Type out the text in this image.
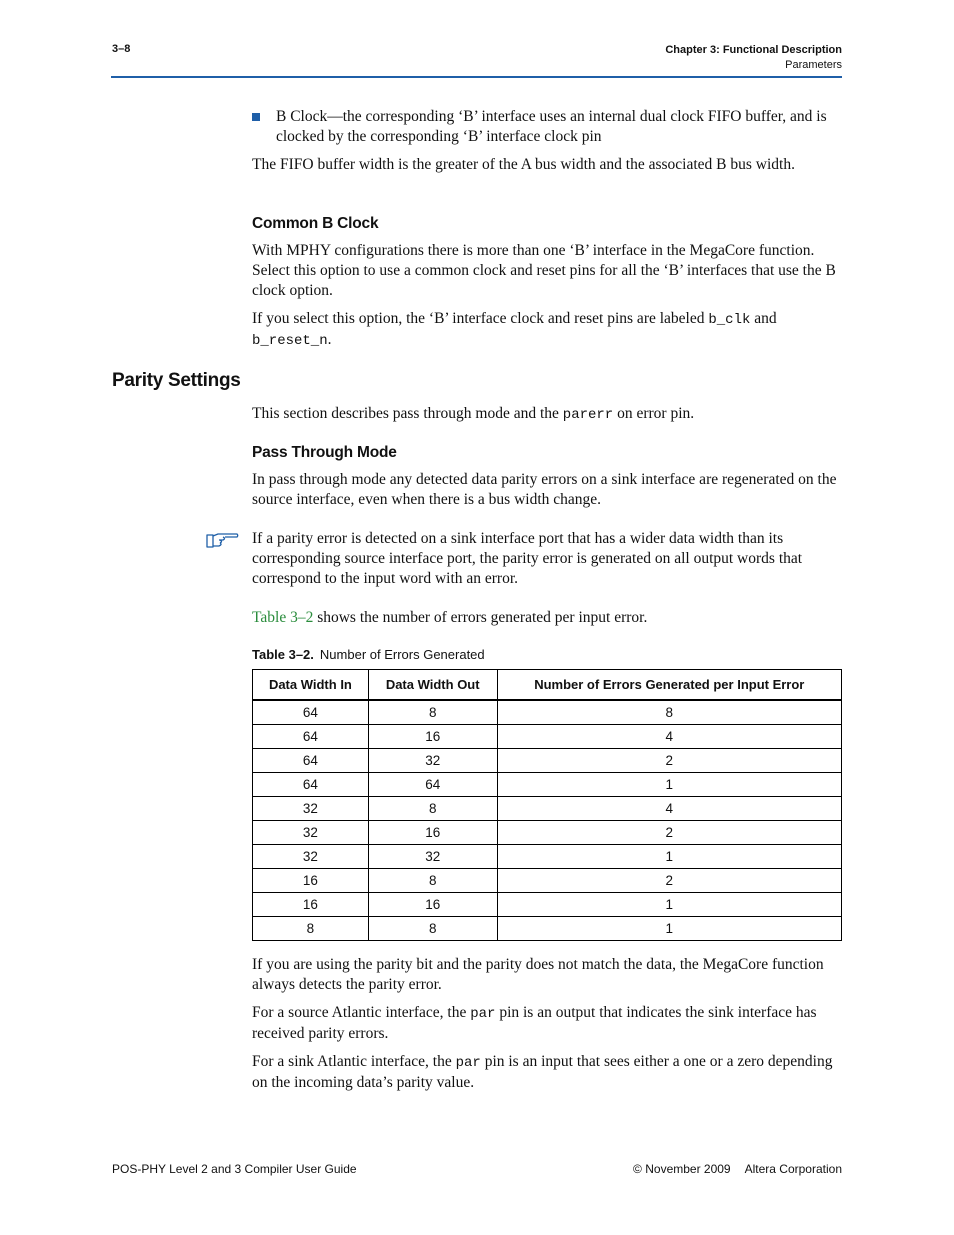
3–8	Chapter 3: Functional Description
Parameters
B Clock—the corresponding ‘B’ interface uses an internal dual clock FIFO buffer, and is clocked by the corresponding ‘B’ interface clock pin

The FIFO buffer width is the greater of the A bus width and the associated B bus width.

Common B Clock

With MPHY configurations there is more than one ‘B’ interface in the MegaCore function. Select this option to use a common clock and reset pins for all the ‘B’ interfaces that use the B clock option.

If you select this option, the ‘B’ interface clock and reset pins are labeled b_clk and b_reset_n.

Parity Settings

This section describes pass through mode and the parerr on error pin.

Pass Through Mode

In pass through mode any detected data parity errors on a sink interface are regenerated on the source interface, even when there is a bus width change.

If a parity error is detected on a sink interface port that has a wider data width than its corresponding source interface port, the parity error is generated on all output words that correspond to the input word with an error.

Table 3–2 shows the number of errors generated per input error.

Table 3–2. Number of Errors Generated
Data Width In	Data Width Out	Number of Errors Generated per Input Error
64	8	8
64	16	4
64	32	2
64	64	1
32	8	4
32	16	2
32	32	1
16	8	2
16	16	1
8	8	1

If you are using the parity bit and the parity does not match the data, the MegaCore function always detects the parity error.

For a source Atlantic interface, the par pin is an output that indicates the sink interface has received parity errors.

For a sink Atlantic interface, the par pin is an input that sees either a one or a zero depending on the incoming data’s parity value.

POS-PHY Level 2 and 3 Compiler User Guide	© November 2009 Altera Corporation
